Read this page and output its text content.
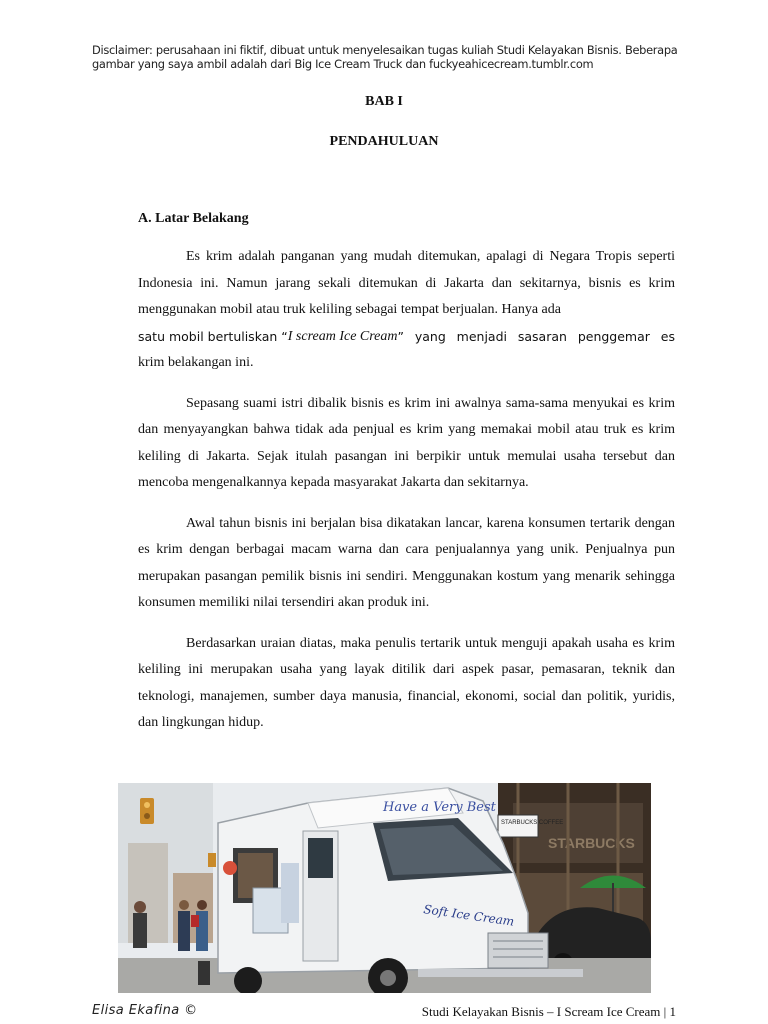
Disclaimer: perusahaan ini fiktif, dibuat untuk menyelesaikan tugas kuliah Studi Kelayakan Bisnis. Beberapa gambar yang saya ambil adalah dari Big Ice Cream Truck dan fuckyeahicecream.tumblr.com
BAB I
PENDAHULUAN
A. Latar Belakang

Es krim adalah panganan yang mudah ditemukan, apalagi di Negara Tropis seperti Indonesia ini. Namun jarang sekali ditemukan di Jakarta dan sekitarnya, bisnis es krim menggunakan mobil atau truk keliling sebagai tempat berjualan. Hanya ada

satu mobil bertuliskan “ I scream Ice Cream ” yang menjadi sasaran penggemar es

krim belakangan ini.

Sepasang suami istri dibalik bisnis es krim ini awalnya sama-sama menyukai es krim dan menyayangkan bahwa tidak ada penjual es krim yang memakai mobil atau truk es krim keliling di Jakarta. Sejak itulah pasangan ini berpikir untuk memulai usaha tersebut dan mencoba mengenalkannya kepada masyarakat Jakarta dan sekitarnya.

Awal tahun bisnis ini berjalan bisa dikatakan lancar, karena konsumen tertarik dengan es krim dengan berbagai macam warna dan cara penjualannya yang unik. Penjualnya pun merupakan pasangan pemilik bisnis ini sendiri. Menggunakan kostum yang menarik sehingga konsumen memiliki nilai tersendiri akan produk ini.

Berdasarkan uraian diatas, maka penulis tertarik untuk menguji apakah usaha es krim keliling ini merupakan usaha yang layak ditilik dari aspek pasar, pemasaran, teknik dan teknologi, manajemen, sumber daya manusia, financial, ekonomi, social dan politik, yuridis, dan lingkungan hidup.

STARBUCKS
STARBUCKS COFFEE
Have a Very Best
Soft Ice Cream
Elisa Ekafina ©	Studi Kelayakan Bisnis – I Scream Ice Cream | 1
